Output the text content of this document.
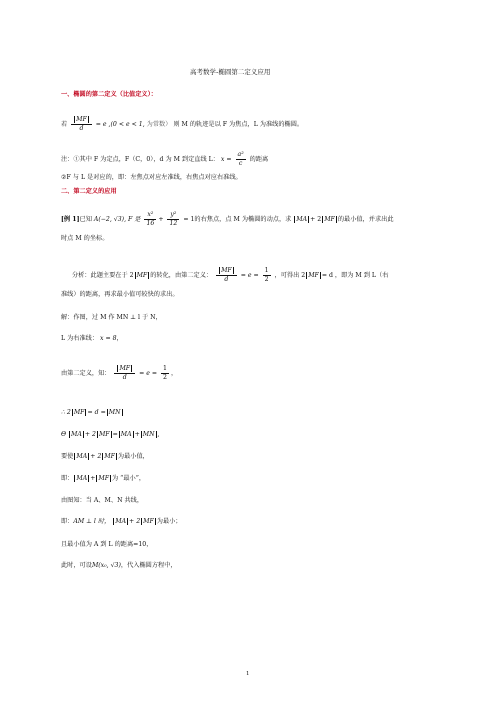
高考数学-椭圆第二定义应用
一、椭圆的第二定义（比值定义）：
若 $\frac{MF}{d} = e$ ,(0 < e < 1, 为常数） 则 M 的轨迹是以 F 为焦点，L 为准线的椭圆。
注：①其中 F 为定点，F（C，0），d 为 M 到定直线 L： $x = \frac{\text{a²}}{c}$ 的距离
②F 与 L 是对应的，即：左焦点对应左准线，右焦点对应右准线。
二、第二定义的应用
[例 1]已知 A(−2, √3), F 是 $\frac{\text{x²}}{16} + \frac{\text{y²}}{12} = 1$的右焦点，点 M 为椭圆的动点，求 MA + 2 MF 的最小值，并求出此
时点 M 的坐标。
分析：此题主要在于 2 MF 的转化，由第二定义： $\frac{MF}{d} = e = \frac{1}{2}$ ，可得出 2 MF = d ，即为 M 到 L（右
准线）的距离，再求最小值可较快的求出。
解：作图，过 M 作 MN ⊥ l 于 N，
L 为右准线： x = 8，
由第二定义，知： $\frac{MF}{d} = e = \frac{1}{2}$ ，
∴ 2 MF = d = MN
Θ MA + 2 MF = MA + MN ,
要使 MA + 2 MF 为最小值，
即： MA + MF 为 “最小”，
由图知：当 A、M、N 共线，
即：AM ⊥ l 时， MA + 2 MF 为最小；
且最小值为 A 到 L 的距离=10，
此时，可设M(x₀, √3)，代入椭圆方程中，
1
